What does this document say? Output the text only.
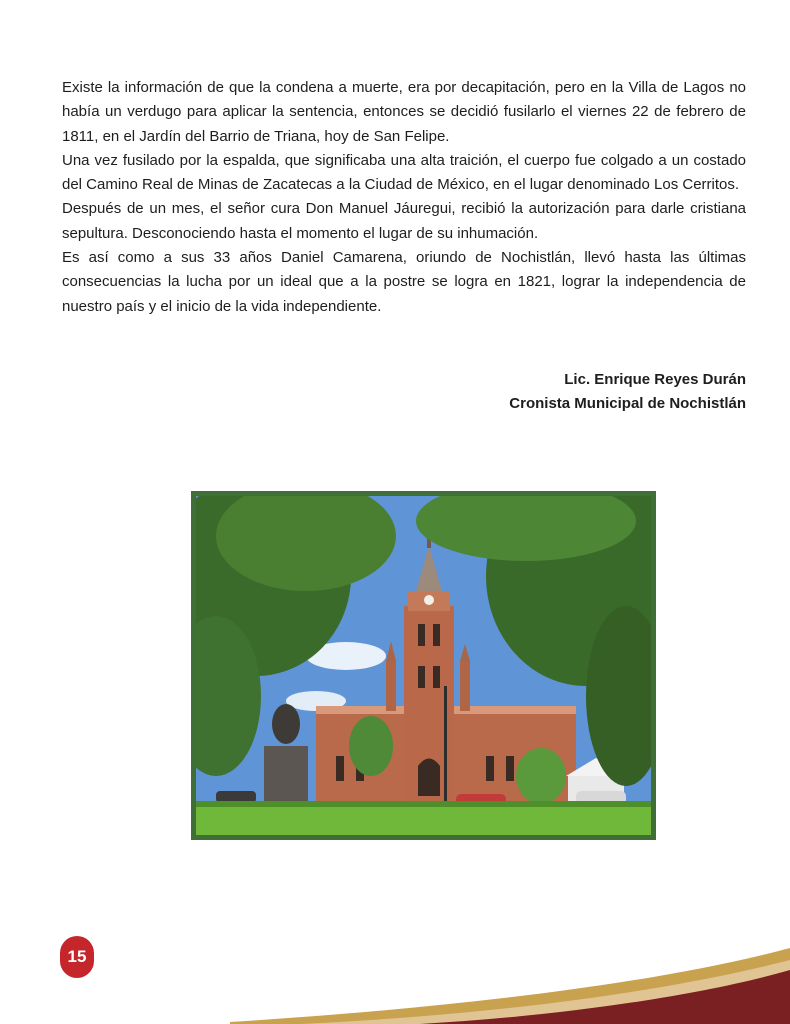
Existe la información de que la condena a muerte, era por decapitación, pero en la Villa de Lagos no había un verdugo para aplicar la sentencia, entonces se decidió fusilarlo el viernes 22 de febrero de 1811, en el Jardín del Barrio de Triana, hoy de San Felipe.

Una vez fusilado por la espalda, que significaba una alta traición, el cuerpo fue colgado a un costado del Camino Real de Minas de Zacatecas a la Ciudad de México, en el lugar denominado Los Cerritos.

Después de un mes, el señor cura Don Manuel Jáuregui, recibió la autorización para darle cristiana sepultura. Desconociendo hasta el momento el lugar de su inhumación.

Es así como a sus 33 años Daniel Camarena, oriundo de Nochistlán, llevó hasta las últimas consecuencias la lucha por un ideal que a la postre se logra en 1821, lograr la independencia de nuestro país y el inicio de la vida independiente.

Lic. Enrique Reyes Durán
Cronista Municipal de Nochistlán
15
